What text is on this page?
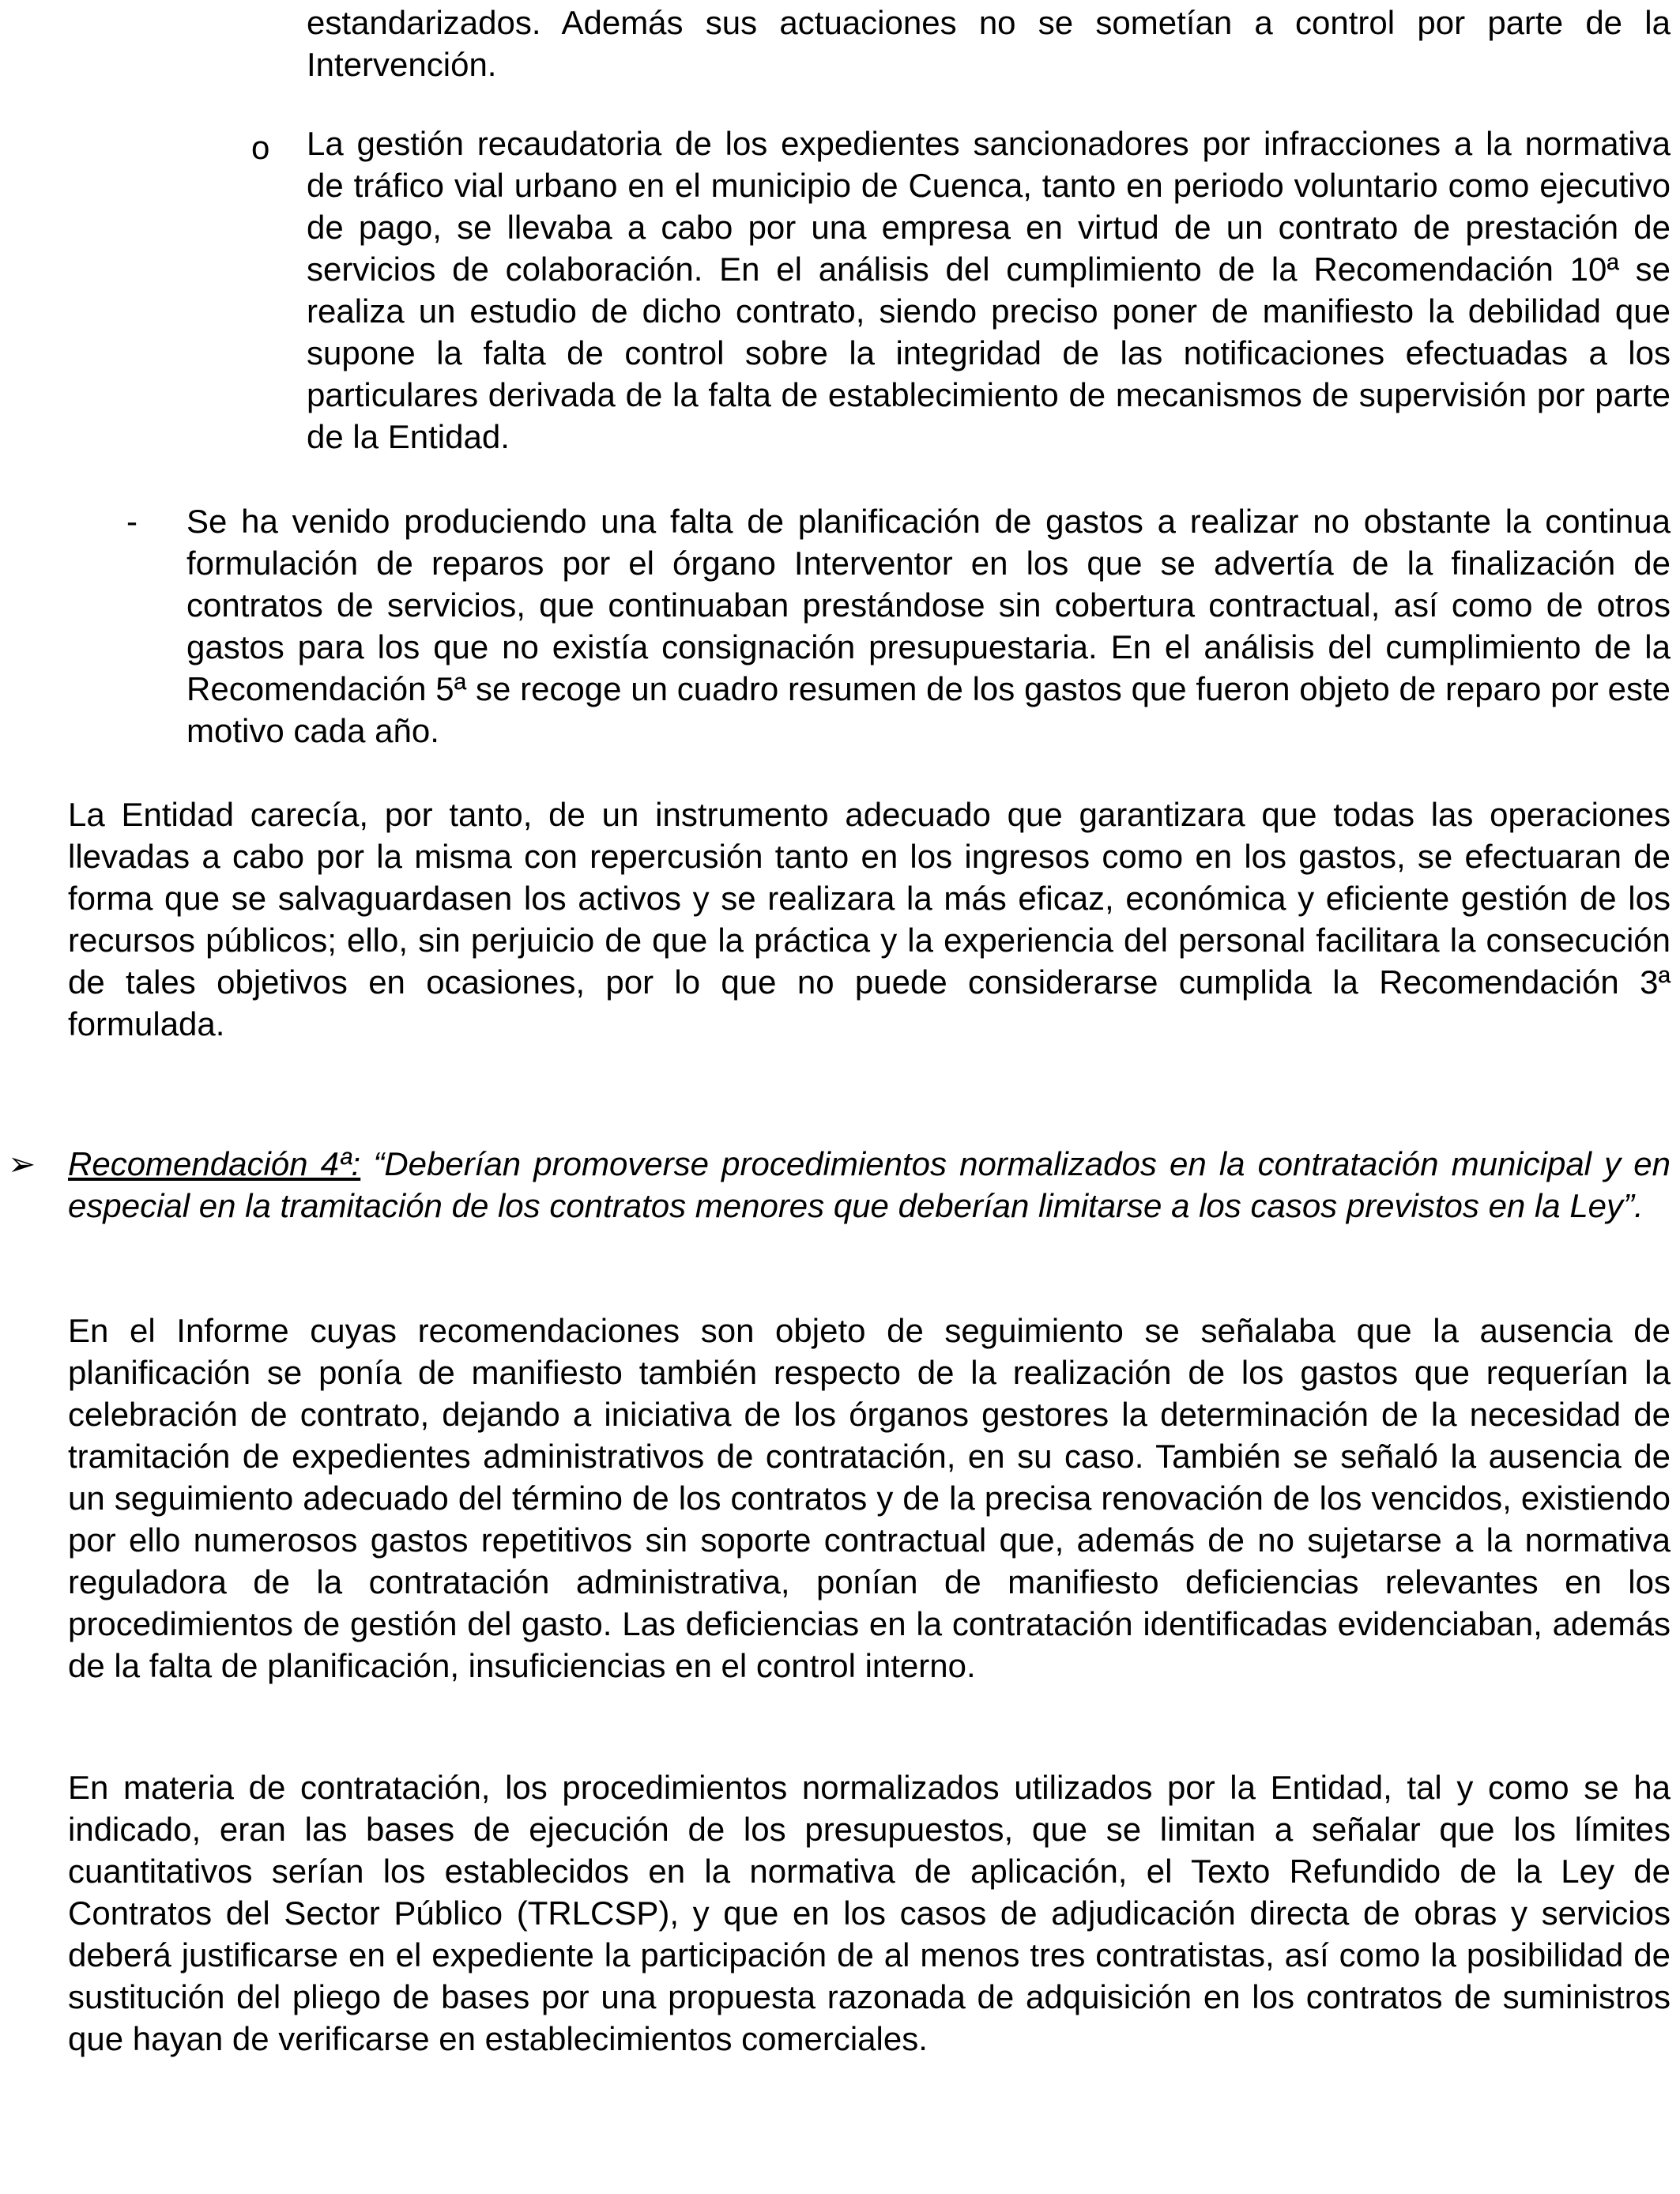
estandarizados. Además sus actuaciones no se sometían a control por parte de la Intervención.

o La gestión recaudatoria de los expedientes sancionadores por infracciones a la normativa de tráfico vial urbano en el municipio de Cuenca, tanto en periodo voluntario como ejecutivo de pago, se llevaba a cabo por una empresa en virtud de un contrato de prestación de servicios de colaboración. En el análisis del cumplimiento de la Recomendación 10ª se realiza un estudio de dicho contrato, siendo preciso poner de manifiesto la debilidad que supone la falta de control sobre la integridad de las notificaciones efectuadas a los particulares derivada de la falta de establecimiento de mecanismos de supervisión por parte de la Entidad.

- Se ha venido produciendo una falta de planificación de gastos a realizar no obstante la continua formulación de reparos por el órgano Interventor en los que se advertía de la finalización de contratos de servicios, que continuaban prestándose sin cobertura contractual, así como de otros gastos para los que no existía consignación presupuestaria. En el análisis del cumplimiento de la Recomendación 5ª se recoge un cuadro resumen de los gastos que fueron objeto de reparo por este motivo cada año.

La Entidad carecía, por tanto, de un instrumento adecuado que garantizara que todas las operaciones llevadas a cabo por la misma con repercusión tanto en los ingresos como en los gastos, se efectuaran de forma que se salvaguardasen los activos y se realizara la más eficaz, económica y eficiente gestión de los recursos públicos; ello, sin perjuicio de que la práctica y la experiencia del personal facilitara la consecución de tales objetivos en ocasiones, por lo que no puede considerarse cumplida la Recomendación 3ª formulada.

➢ Recomendación 4ª: “Deberían promoverse procedimientos normalizados en la contratación municipal y en especial en la tramitación de los contratos menores que deberían limitarse a los casos previstos en la Ley”.

En el Informe cuyas recomendaciones son objeto de seguimiento se señalaba que la ausencia de planificación se ponía de manifiesto también respecto de la realización de los gastos que requerían la celebración de contrato, dejando a iniciativa de los órganos gestores la determinación de la necesidad de tramitación de expedientes administrativos de contratación, en su caso. También se señaló la ausencia de un seguimiento adecuado del término de los contratos y de la precisa renovación de los vencidos, existiendo por ello numerosos gastos repetitivos sin soporte contractual que, además de no sujetarse a la normativa reguladora de la contratación administrativa, ponían de manifiesto deficiencias relevantes en los procedimientos de gestión del gasto. Las deficiencias en la contratación identificadas evidenciaban, además de la falta de planificación, insuficiencias en el control interno.

En materia de contratación, los procedimientos normalizados utilizados por la Entidad, tal y como se ha indicado, eran las bases de ejecución de los presupuestos, que se limitan a señalar que los límites cuantitativos serían los establecidos en la normativa de aplicación, el Texto Refundido de la Ley de Contratos del Sector Público (TRLCSP), y que en los casos de adjudicación directa de obras y servicios deberá justificarse en el expediente la participación de al menos tres contratistas, así como la posibilidad de sustitución del pliego de bases por una propuesta razonada de adquisición en los contratos de suministros que hayan de verificarse en establecimientos comerciales.
